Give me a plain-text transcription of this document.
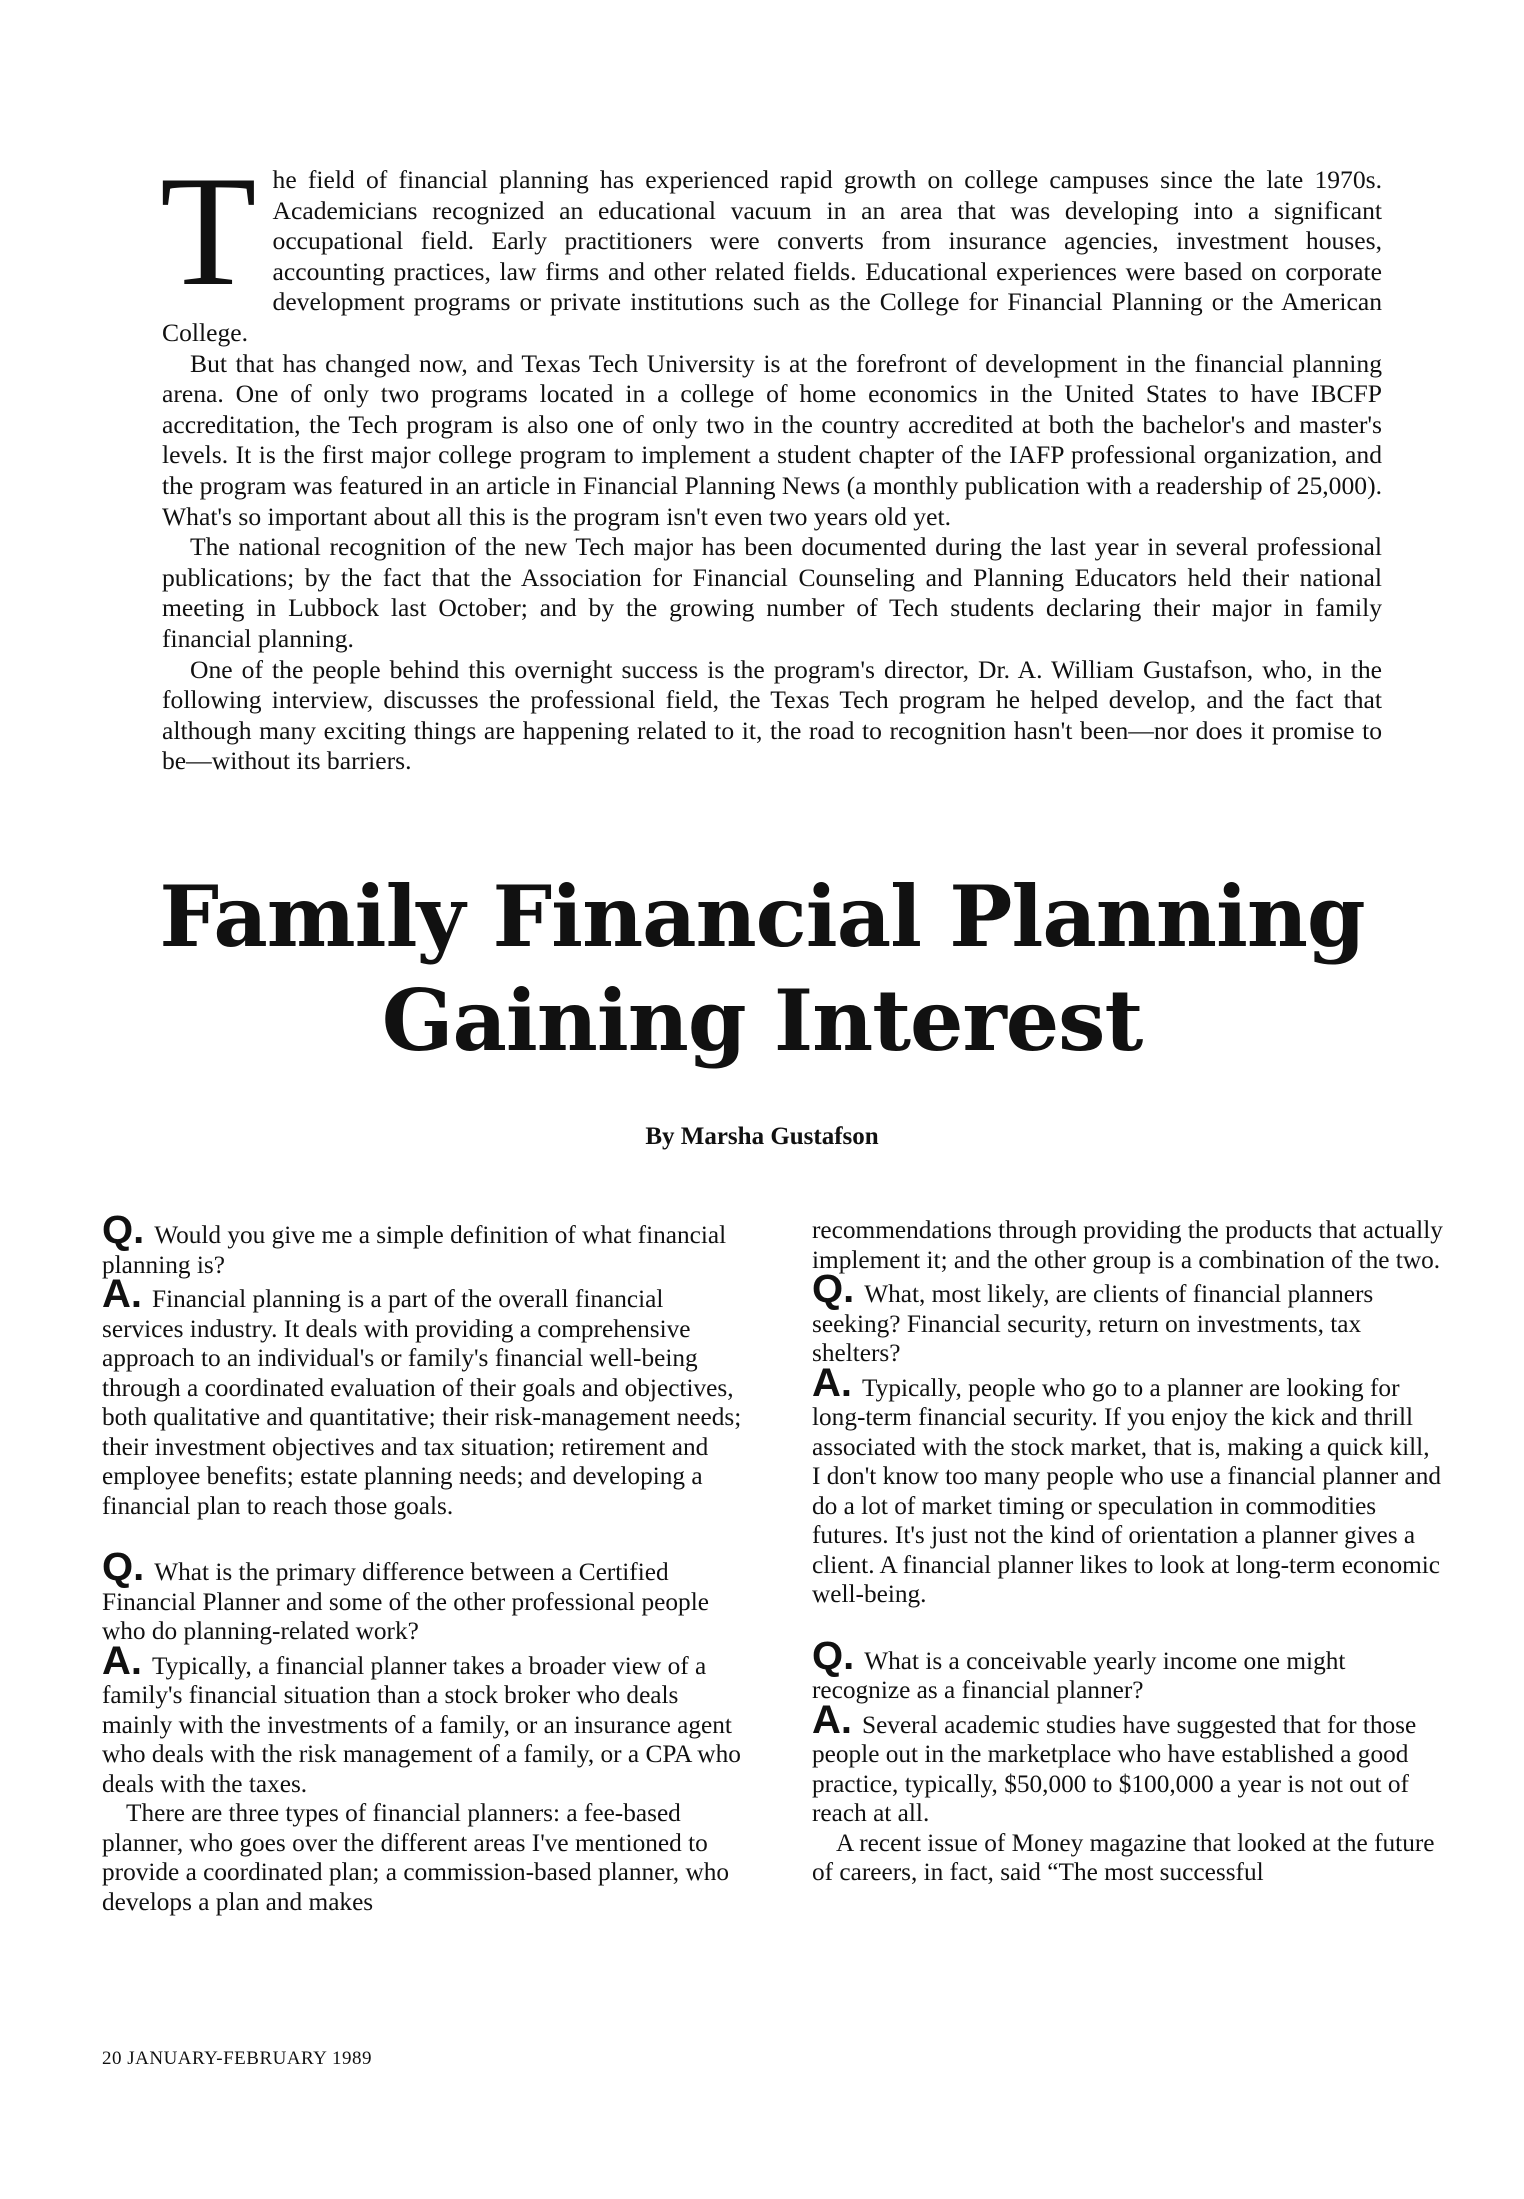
The field of financial planning has experienced rapid growth on college campuses since the late 1970s. Academicians recognized an educational vacuum in an area that was developing into a significant occupational field. Early practitioners were converts from insurance agencies, investment houses, accounting practices, law firms and other related fields. Educational experiences were based on corporate development programs or private institutions such as the College for Financial Planning or the American College.

But that has changed now, and Texas Tech University is at the forefront of development in the financial planning arena. One of only two programs located in a college of home economics in the United States to have IBCFP accreditation, the Tech program is also one of only two in the country accredited at both the bachelor's and master's levels. It is the first major college program to implement a student chapter of the IAFP professional organization, and the program was featured in an article in Financial Planning News (a monthly publication with a readership of 25,000). What's so important about all this is the program isn't even two years old yet.

The national recognition of the new Tech major has been documented during the last year in several professional publications; by the fact that the Association for Financial Counseling and Planning Educators held their national meeting in Lubbock last October; and by the growing number of Tech students declaring their major in family financial planning.

One of the people behind this overnight success is the program's director, Dr. A. William Gustafson, who, in the following interview, discusses the professional field, the Texas Tech program he helped develop, and the fact that although many exciting things are happening related to it, the road to recognition hasn't been—nor does it promise to be—without its barriers.

Family Financial Planning
Gaining Interest
By Marsha Gustafson

Q. Would you give me a simple definition of what financial planning is?

A. Financial planning is a part of the overall financial services industry. It deals with providing a comprehensive approach to an individual's or family's financial well-being through a coordinated evaluation of their goals and objectives, both qualitative and quantitative; their risk-management needs; their investment objectives and tax situation; retirement and employee benefits; estate planning needs; and developing a financial plan to reach those goals.

Q. What is the primary difference between a Certified Financial Planner and some of the other professional people who do planning-related work?

A. Typically, a financial planner takes a broader view of a family's financial situation than a stock broker who deals mainly with the investments of a family, or an insurance agent who deals with the risk management of a family, or a CPA who deals with the taxes.

There are three types of financial planners: a fee-based planner, who goes over the different areas I've mentioned to provide a coordinated plan; a commission-based planner, who develops a plan and makes

recommendations through providing the products that actually implement it; and the other group is a combination of the two.

Q. What, most likely, are clients of financial planners seeking? Financial security, return on investments, tax shelters?

A. Typically, people who go to a planner are looking for long-term financial security. If you enjoy the kick and thrill associated with the stock market, that is, making a quick kill, I don't know too many people who use a financial planner and do a lot of market timing or speculation in commodities futures. It's just not the kind of orientation a planner gives a client. A financial planner likes to look at long-term economic well-being.

Q. What is a conceivable yearly income one might recognize as a financial planner?

A. Several academic studies have suggested that for those people out in the marketplace who have established a good practice, typically, $50,000 to $100,000 a year is not out of reach at all.

A recent issue of Money magazine that looked at the future of careers, in fact, said “The most successful

20 JANUARY-FEBRUARY 1989
